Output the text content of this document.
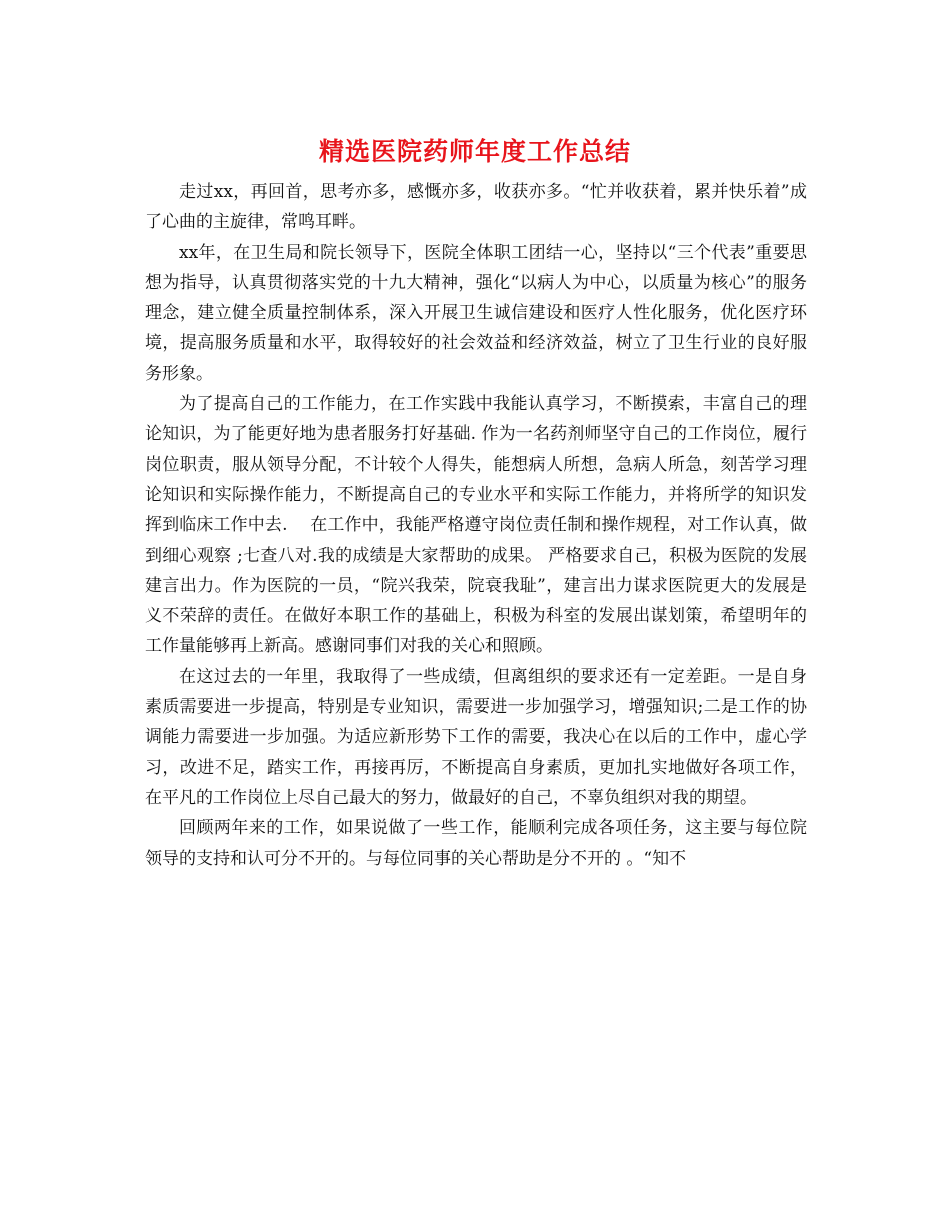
精选医院药师年度工作总结

走过xx，再回首，思考亦多，感慨亦多，收获亦多。“忙并收获着，累并快乐着”成了心曲的主旋律，常鸣耳畔。

xx年，在卫生局和院长领导下，医院全体职工团结一心，坚持以“三个代表”重要思想为指导，认真贯彻落实党的十九大精神，强化“以病人为中心，以质量为核心”的服务理念，建立健全质量控制体系，深入开展卫生诚信建设和医疗人性化服务，优化医疗环境，提高服务质量和水平，取得较好的社会效益和经济效益，树立了卫生行业的良好服务形象。

为了提高自己的工作能力，在工作实践中我能认真学习，不断摸索，丰富自己的理论知识，为了能更好地为患者服务打好基础. 作为一名药剂师坚守自己的工作岗位，履行岗位职责，服从领导分配，不计较个人得失，能想病人所想，急病人所急，刻苦学习理论知识和实际操作能力，不断提高自己的专业水平和实际工作能力，并将所学的知识发挥到临床工作中去.　 在工作中，我能严格遵守岗位责任制和操作规程，对工作认真，做到细心观察 ;七查八对.我的成绩是大家帮助的成果。 严格要求自己，积极为医院的发展建言出力。作为医院的一员，“院兴我荣，院衰我耻”，建言出力谋求医院更大的发展是义不荣辞的责任。在做好本职工作的基础上，积极为科室的发展出谋划策，希望明年的工作量能够再上新高。感谢同事们对我的关心和照顾。

在这过去的一年里，我取得了一些成绩，但离组织的要求还有一定差距。一是自身素质需要进一步提高，特别是专业知识，需要进一步加强学习，增强知识;二是工作的协调能力需要进一步加强。为适应新形势下工作的需要，我决心在以后的工作中，虚心学习，改进不足，踏实工作，再接再厉，不断提高自身素质，更加扎实地做好各项工作，在平凡的工作岗位上尽自己最大的努力，做最好的自己，不辜负组织对我的期望。

回顾两年来的工作，如果说做了一些工作，能顺利完成各项任务，这主要与每位院领导的支持和认可分不开的。与每位同事的关心帮助是分不开的 。“知不
